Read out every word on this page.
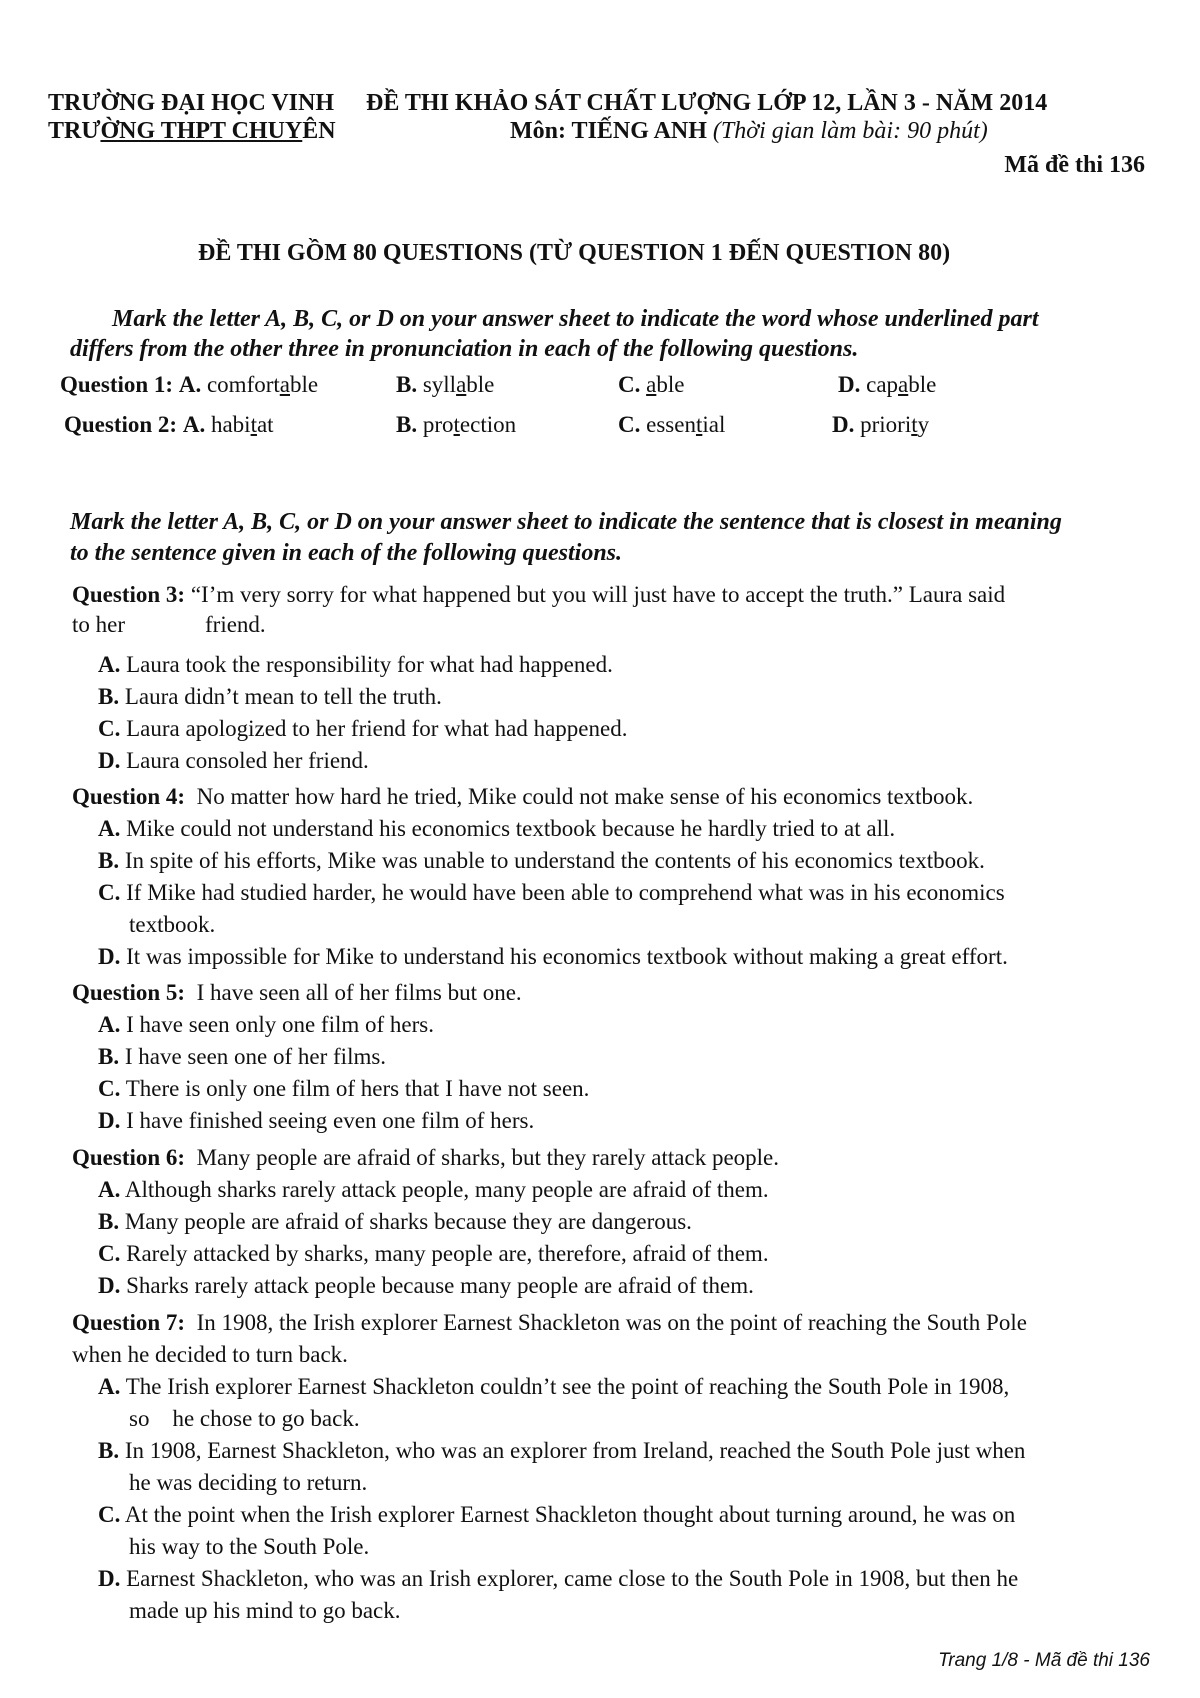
TRƯỜNG ĐẠI HỌC VINH
TRƯỜNG THPT CHUYÊN
ĐỀ THI KHẢO SÁT CHẤT LƯỢNG LỚP 12, LẦN 3 - NĂM 2014
Môn: TIẾNG ANH (Thời gian làm bài: 90 phút)
Mã đề thi 136
ĐỀ THI GỒM 80 QUESTIONS (TỪ QUESTION 1 ĐẾN QUESTION 80)
Mark the letter A, B, C, or D on your answer sheet to indicate the word whose underlined part
differs from the other three in pronunciation in each of the following questions.
Question 1: A. comfortable	B. syllable	C. able	D. capable
Question 2: A. habitat	B. protection	C. essential	D. priority
Mark the letter A, B, C, or D on your answer sheet to indicate the sentence that is closest in meaning
to the sentence given in each of the following questions.
Question 3: “I’m very sorry for what happened but you will just have to accept the truth.” Laura said
to her	friend.
A. Laura took the responsibility for what had happened.
B. Laura didn’t mean to tell the truth.
C. Laura apologized to her friend for what had happened.
D. Laura consoled her friend.
Question 4: No matter how hard he tried, Mike could not make sense of his economics textbook.
A. Mike could not understand his economics textbook because he hardly tried to at all.
B. In spite of his efforts, Mike was unable to understand the contents of his economics textbook.
C. If Mike had studied harder, he would have been able to comprehend what was in his economics
textbook.
D. It was impossible for Mike to understand his economics textbook without making a great effort.
Question 5: I have seen all of her films but one.
A. I have seen only one film of hers.
B. I have seen one of her films.
C. There is only one film of hers that I have not seen.
D. I have finished seeing even one film of hers.
Question 6: Many people are afraid of sharks, but they rarely attack people.
A. Although sharks rarely attack people, many people are afraid of them.
B. Many people are afraid of sharks because they are dangerous.
C. Rarely attacked by sharks, many people are, therefore, afraid of them.
D. Sharks rarely attack people because many people are afraid of them.
Question 7: In 1908, the Irish explorer Earnest Shackleton was on the point of reaching the South Pole
when he decided to turn back.
A. The Irish explorer Earnest Shackleton couldn’t see the point of reaching the South Pole in 1908,
so    he chose to go back.
B. In 1908, Earnest Shackleton, who was an explorer from Ireland, reached the South Pole just when
he was deciding to return.
C. At the point when the Irish explorer Earnest Shackleton thought about turning around, he was on
his way to the South Pole.
D. Earnest Shackleton, who was an Irish explorer, came close to the South Pole in 1908, but then he
made up his mind to go back.
Trang 1/8 - Mã đề thi 136
